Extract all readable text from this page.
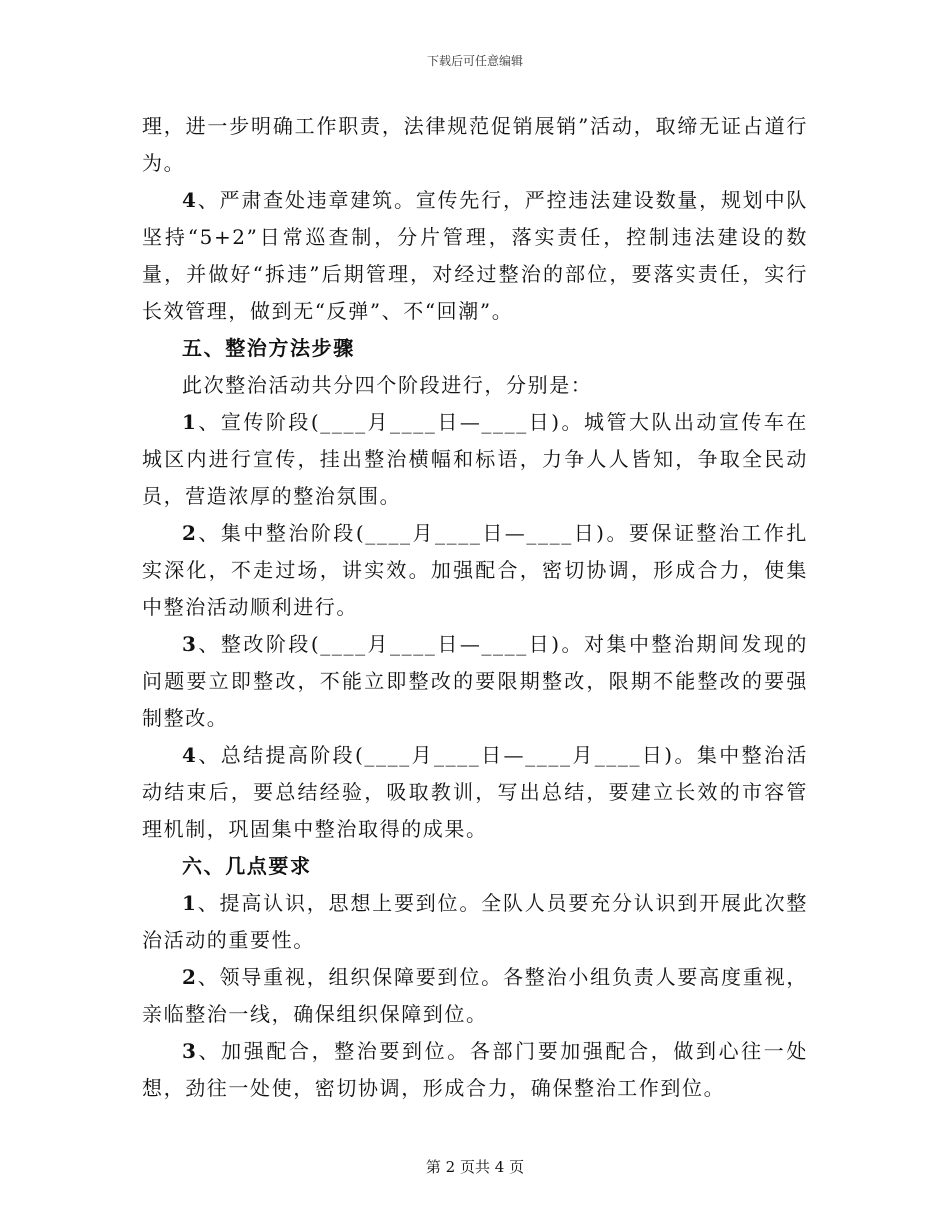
下载后可任意编辑

理，进一步明确工作职责，法律规范促销展销”活动，取缔无证占道行为。

4、严肃查处违章建筑。宣传先行，严控违法建设数量，规划中队坚持“5+2”日常巡查制，分片管理，落实责任，控制违法建设的数量，并做好“拆违”后期管理，对经过整治的部位，要落实责任，实行长效管理，做到无“反弹”、不“回潮”。

五、整治方法步骤

此次整治活动共分四个阶段进行，分别是：

1、宣传阶段(____月____日—____日)。城管大队出动宣传车在城区内进行宣传，挂出整治横幅和标语，力争人人皆知，争取全民动员，营造浓厚的整治氛围。

2、集中整治阶段(____月____日—____日)。要保证整治工作扎实深化，不走过场，讲实效。加强配合，密切协调，形成合力，使集中整治活动顺利进行。

3、整改阶段(____月____日—____日)。对集中整治期间发现的问题要立即整改，不能立即整改的要限期整改，限期不能整改的要强制整改。

4、总结提高阶段(____月____日—____月____日)。集中整治活动结束后，要总结经验，吸取教训，写出总结，要建立长效的市容管理机制，巩固集中整治取得的成果。

六、几点要求

1、提高认识，思想上要到位。全队人员要充分认识到开展此次整治活动的重要性。

2、领导重视，组织保障要到位。各整治小组负责人要高度重视，亲临整治一线，确保组织保障到位。

3、加强配合，整治要到位。各部门要加强配合，做到心往一处想，劲往一处使，密切协调，形成合力，确保整治工作到位。

第 2 页共 4 页
